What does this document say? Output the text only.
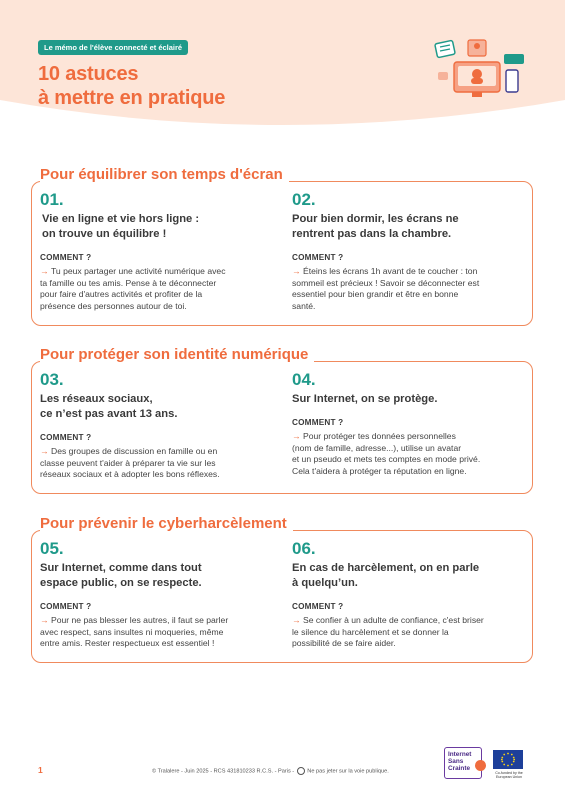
Le mémo de l'élève connecté et éclairé
10 astuces
à mettre en pratique
Pour équilibrer son temps d'écran
01.
Vie en ligne et vie hors ligne :
on trouve un équilibre !
COMMENT ?
→ Tu peux partager une activité numérique avec
ta famille ou tes amis. Pense à te déconnecter
pour faire d'autres activités et profiter de la
présence des personnes autour de toi.
02.
Pour bien dormir, les écrans ne
rentrent pas dans la chambre.
COMMENT ?
→ Éteins les écrans 1h avant de te coucher : ton
sommeil est précieux ! Savoir se déconnecter est
essentiel pour bien grandir et être en bonne
santé.
Pour protéger son identité numérique
03.
Les réseaux sociaux,
ce n’est pas avant 13 ans.
COMMENT ?
→ Des groupes de discussion en famille ou en
classe peuvent t'aider à préparer ta vie sur les
réseaux sociaux et à adopter les bons réflexes.
04.
Sur Internet, on se protège.
COMMENT ?
→ Pour protéger tes données personnelles
(nom de famille, adresse...), utilise un avatar
et un pseudo et mets tes comptes en mode privé.
Cela t'aidera à protéger ta réputation en ligne.
Pour prévenir le cyberharcèlement
05.
Sur Internet, comme dans tout
espace public, on se respecte.
COMMENT ?
→ Pour ne pas blesser les autres, il faut se parler
avec respect, sans insultes ni moqueries, même
entre amis. Rester respectueux est essentiel !
06.
En cas de harcèlement, on en parle
à quelqu’un.
COMMENT ?
→ Se confier à un adulte de confiance, c'est briser
le silence du harcèlement et se donner la
possibilité de se faire aider.
1	© Tralalere - Juin 2025 - RCS 431810233 R.C.S. - Paris - Ne pas jeter sur la voie publique.
Internet
Sans
Crainte
Co-funded by the European Union
